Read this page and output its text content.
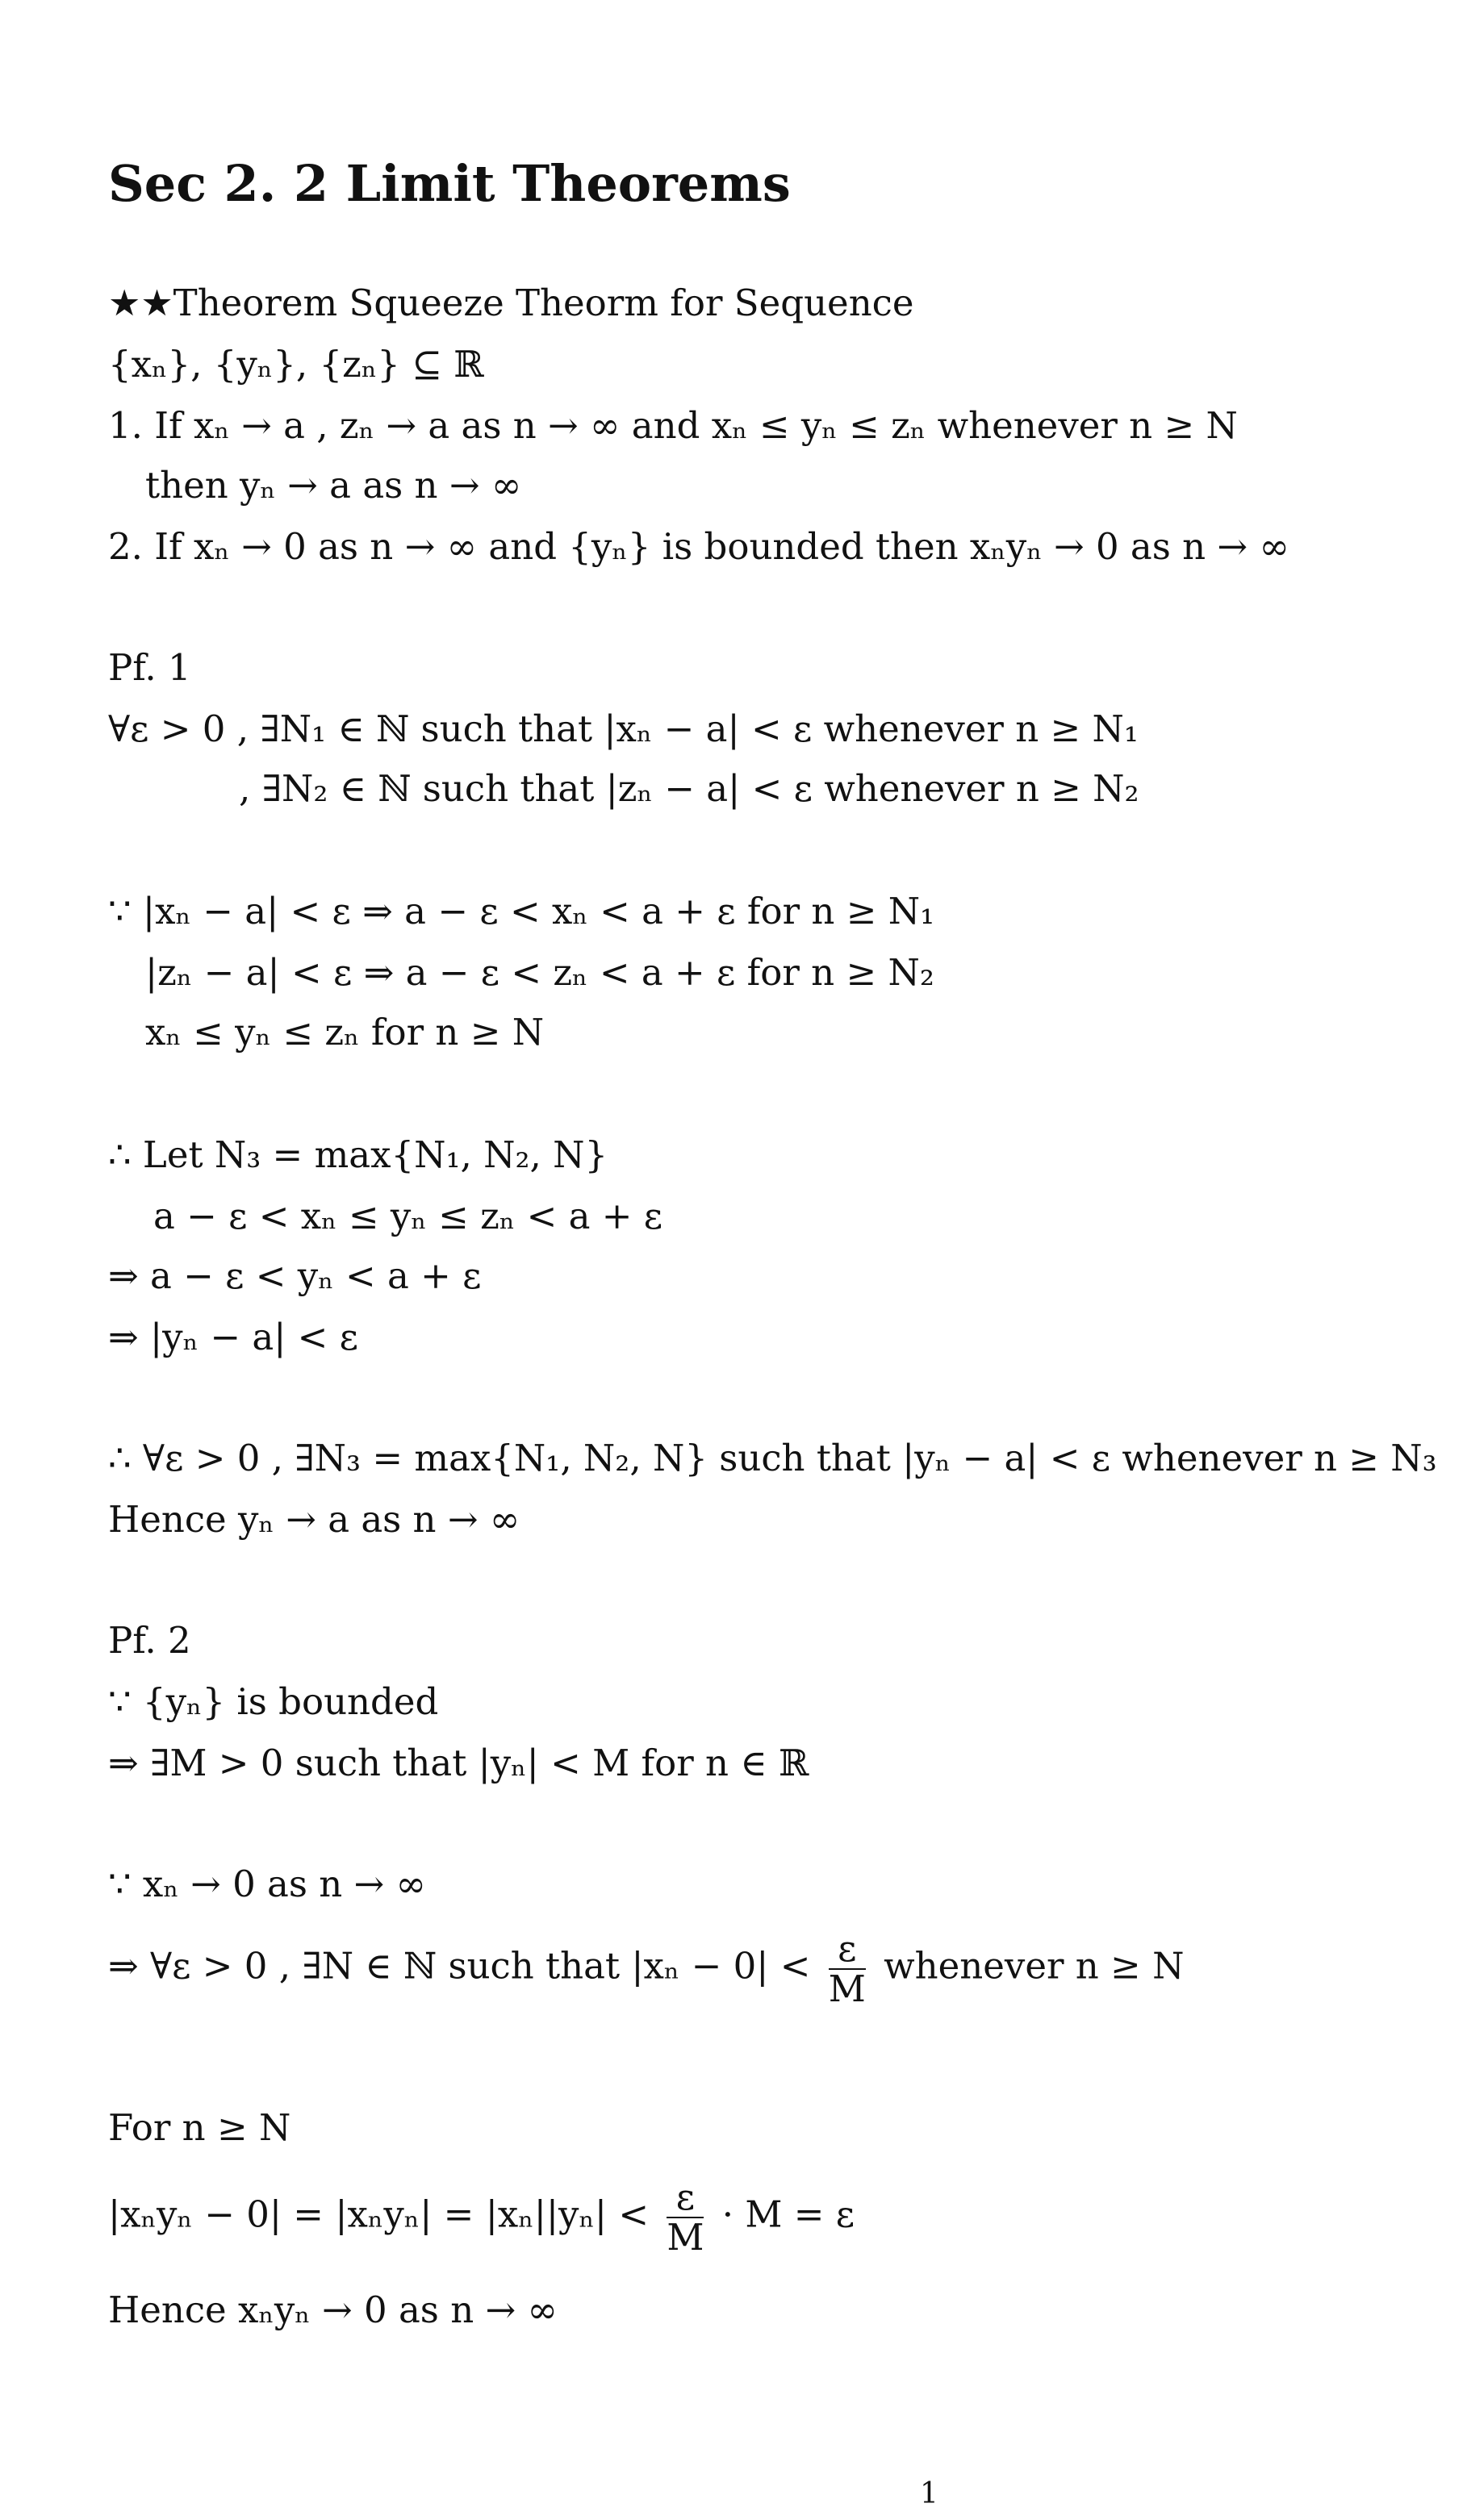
Sec 2. 2 Limit Theorems
★★Theorem Squeeze Theorm for Sequence
{xₙ}, {yₙ}, {zₙ} ⊆ ℝ
1. If xₙ → a , zₙ → a as n → ∞ and xₙ ≤ yₙ ≤ zₙ whenever n ≥ N
then yₙ → a as n → ∞
2. If xₙ → 0 as n → ∞ and {yₙ} is bounded then xₙyₙ → 0 as n → ∞
Pf. 1
∀ε > 0 , ∃N₁ ∈ ℕ such that |xₙ − a| < ε whenever n ≥ N₁
, ∃N₂ ∈ ℕ such that |zₙ − a| < ε whenever n ≥ N₂
∵ |xₙ − a| < ε ⇒ a − ε < xₙ < a + ε for n ≥ N₁
|zₙ − a| < ε ⇒ a − ε < zₙ < a + ε for n ≥ N₂
xₙ ≤ yₙ ≤ zₙ for n ≥ N
∴ Let N₃ = max{N₁, N₂, N}
a − ε < xₙ ≤ yₙ ≤ zₙ < a + ε
⇒ a − ε < yₙ < a + ε
⇒ |yₙ − a| < ε
∴ ∀ε > 0 , ∃N₃ = max{N₁, N₂, N} such that |yₙ − a| < ε whenever n ≥ N₃
Hence yₙ → a as n → ∞
Pf. 2
∵ {yₙ} is bounded
⇒ ∃M > 0 such that |yₙ| < M for n ∈ ℝ
∵ xₙ → 0 as n → ∞
⇒ ∀ε > 0 , ∃N ∈ ℕ such that $|x_n - 0| < \frac{\varepsilon}{M}$ whenever n ≥ N
For n ≥ N
$|x_ny_n - 0| = |x_ny_n| = |x_n||y_n| < \frac{\varepsilon}{M} \cdot M = \varepsilon$
Hence xₙyₙ → 0 as n → ∞
1
